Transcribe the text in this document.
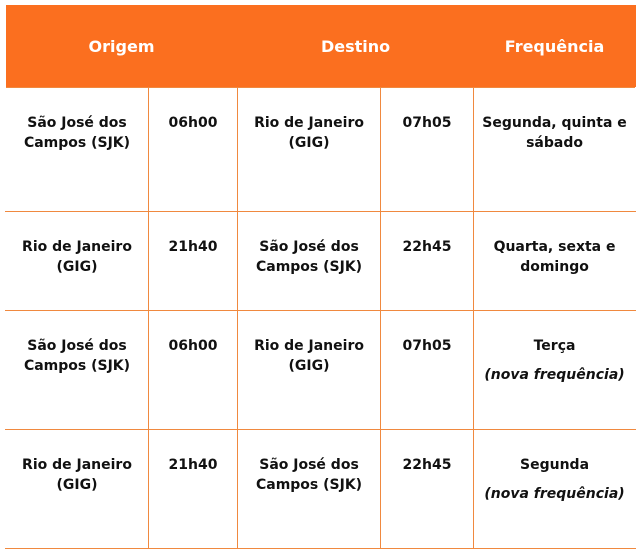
Origem		Destino		Frequência

São José dos Campos (SJK)	06h00	Rio de Janeiro (GIG)	07h05	Segunda, quinta e sábado

Rio de Janeiro (GIG)	21h40	São José dos Campos (SJK)	22h45	Quarta, sexta e domingo

São José dos Campos (SJK)	06h00	Rio de Janeiro (GIG)	07h05	Terça
(nova frequência)

Rio de Janeiro (GIG)	21h40	São José dos Campos (SJK)	22h45	Segunda
(nova frequência)
